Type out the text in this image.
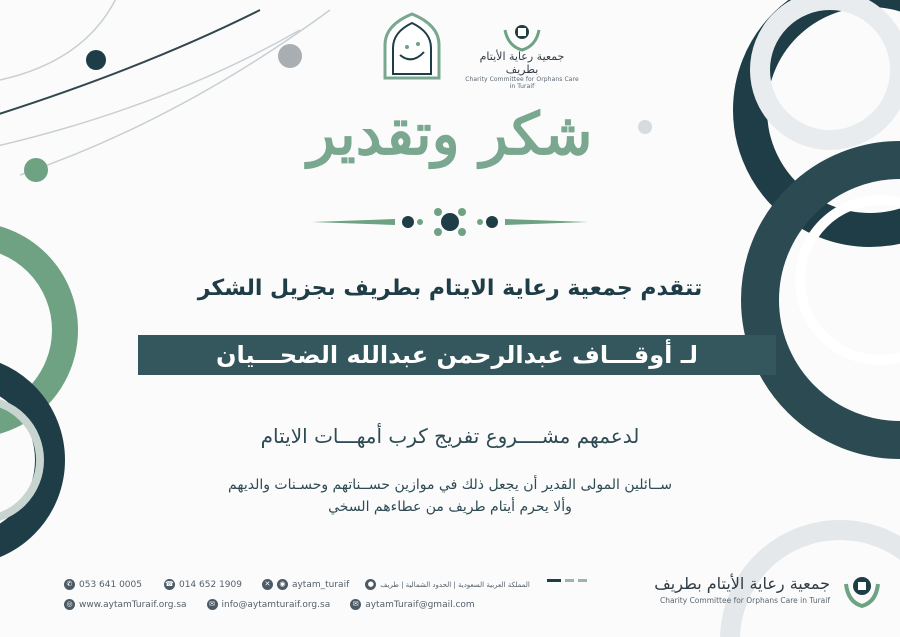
جمعية رعاية الأيتام بطريف
Charity Committee for Orphans Care in Turaif
شكر وتقدير
تتقدم جمعية رعاية الايتام بطريف بجزيل الشكر
لـ أوقـــاف عبدالرحمن عبدالله الضحـــيان
لدعمهم مشــــروع تفريج كرب أمهـــات الايتام
ســائلين المولى القدير أن يجعل ذلك في موازين حســناتهم وحسـنات والديهم
وألا يحرم أيتام طريف من عطاءهم السخي
✆ 053 641 0005	☎ 014 652 1909	✕	◉ aytam_turaif	● المملكة العربية السعودية | الحدود الشمالية | طريف
◎ www.aytamTuraif.org.sa	✉ info@aytamturaif.org.sa	✉ aytamTuraif@gmail.com
جمعية رعاية الأيتام بطريف
Charity Committee for Orphans Care in Turaif
